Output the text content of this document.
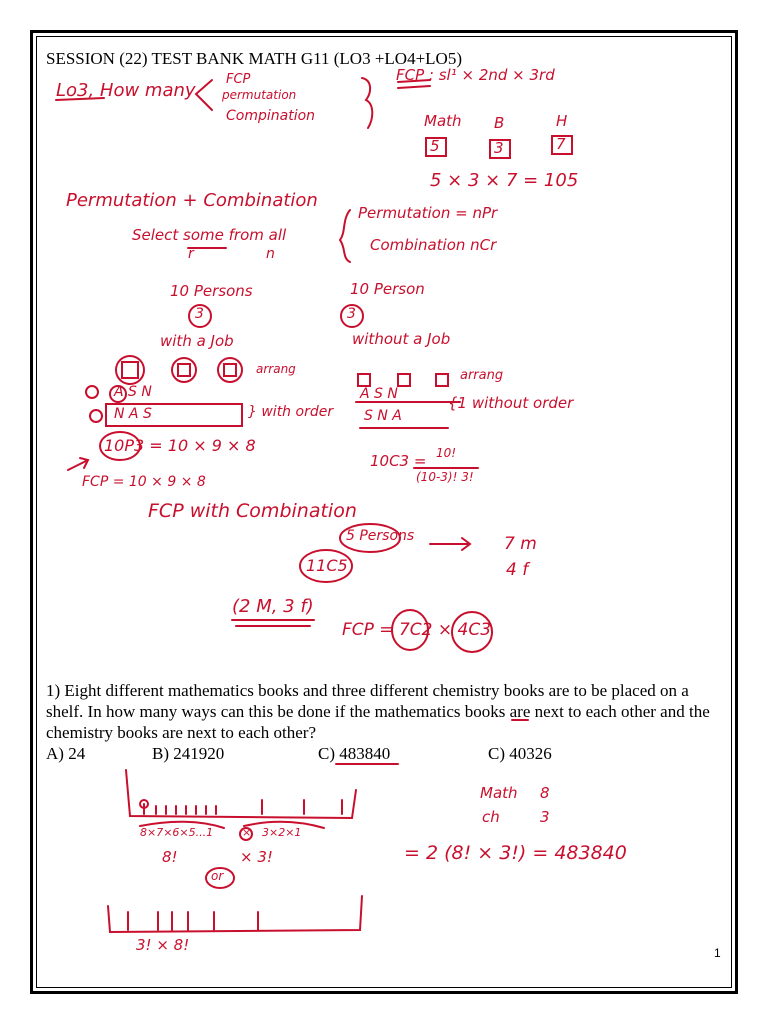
SESSION (22) TEST BANK MATH G11 (LO3 +LO4+LO5)
Lo3, How many
FCP
permutation
Compination
FCP : sl¹ × 2nd × 3rd
Math B	H
5	3	7
5 × 3 × 7 = 105
Permutation + Combination
Select some from all
r	n
Permutation = nPr
Combination nCr
10 Persons
3
with a Job
arrang
A S N
N A S	} with order
10P3 = 10 × 9 × 8
FCP = 10 × 9 × 8
10 Person
3
without a Job
arrang
A S N
S N A
{1 without order
10C3 = 10!
(10-3)! 3!
FCP with Combination
5 Persons
11C5
7 m
4 f
(2 M, 3 f)
FCP = 7C2 × 4C3
1) Eight different mathematics books and three different chemistry books are to be placed on a shelf. In how many ways can this be done if the mathematics books are next to each other and the chemistry books are next to each other?
A) 24	B) 241920	C) 483840	C) 40326
Math 8
ch	3
8×7×6×5...1	× 3×2×1
8!	× 3!
or
= 2 (8! × 3!) = 483840
3! × 8!	1
